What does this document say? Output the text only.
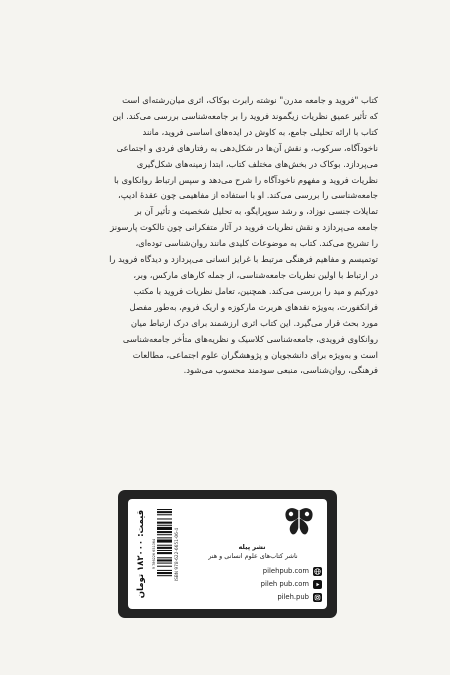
کتاب "فروید و جامعه مدرن" نوشته رابرت بوکاک، اثری میان‌رشته‌ای است

که تأثیر عمیق نظریات زیگموند فروید را بر جامعه‌شناسی بررسی می‌کند. این

کتاب با ارائه تحلیلی جامع، به کاوش در ایده‌های اساسی فروید، مانند

ناخودآگاه، سرکوب، و نقش آن‌ها در شکل‌دهی به رفتارهای فردی و اجتماعی

می‌پردازد. بوکاک در بخش‌های مختلف کتاب، ابتدا زمینه‌های شکل‌گیری

نظریات فروید و مفهوم ناخودآگاه را شرح می‌دهد و سپس ارتباط روانکاوی با

جامعه‌شناسی را بررسی می‌کند. او با استفاده از مفاهیمی چون عقدهٔ ادیپ،

تمایلات جنسی نوزاد، و رشد سوپرایگو، به تحلیل شخصیت و تأثیر آن بر

جامعه می‌پردازد و نقش نظریات فروید در آثار متفکرانی چون تالکوت پارسونز

را تشریح می‌کند. کتاب به موضوعات کلیدی مانند روان‌شناسی توده‌ای،

توتمیسم و مفاهیم فرهنگی مرتبط با غرایز انسانی می‌پردازد و دیدگاه فروید را

در ارتباط با اولین نظریات جامعه‌شناسی، از جمله کارهای مارکس، وبر،

دورکیم و مید را بررسی می‌کند. همچنین، تعامل نظریات فروید با مکتب

فرانکفورت، به‌ویژه نقدهای هربرت مارکوزه و اریک فروم، به‌طور مفصل

مورد بحث قرار می‌گیرد. این کتاب اثری ارزشمند برای درک ارتباط میان

روانکاوی فرویدی، جامعه‌شناسی کلاسیک و نظریه‌های متأخر جامعه‌شناسی

است و به‌ویژه برای دانشجویان و پژوهشگران علوم اجتماعی، مطالعات

فرهنگی، روان‌شناسی، منبعی سودمند محسوب می‌شود.

قیمت: ۱۸۲۰۰۰ تومان
9 786226 651064	ISBN 978-622-6651-06-4	نشر پیله
ناشر کتاب‌های علوم انسانی و هنر
pilehpub.com
pileh pub.com
pileh.pub
